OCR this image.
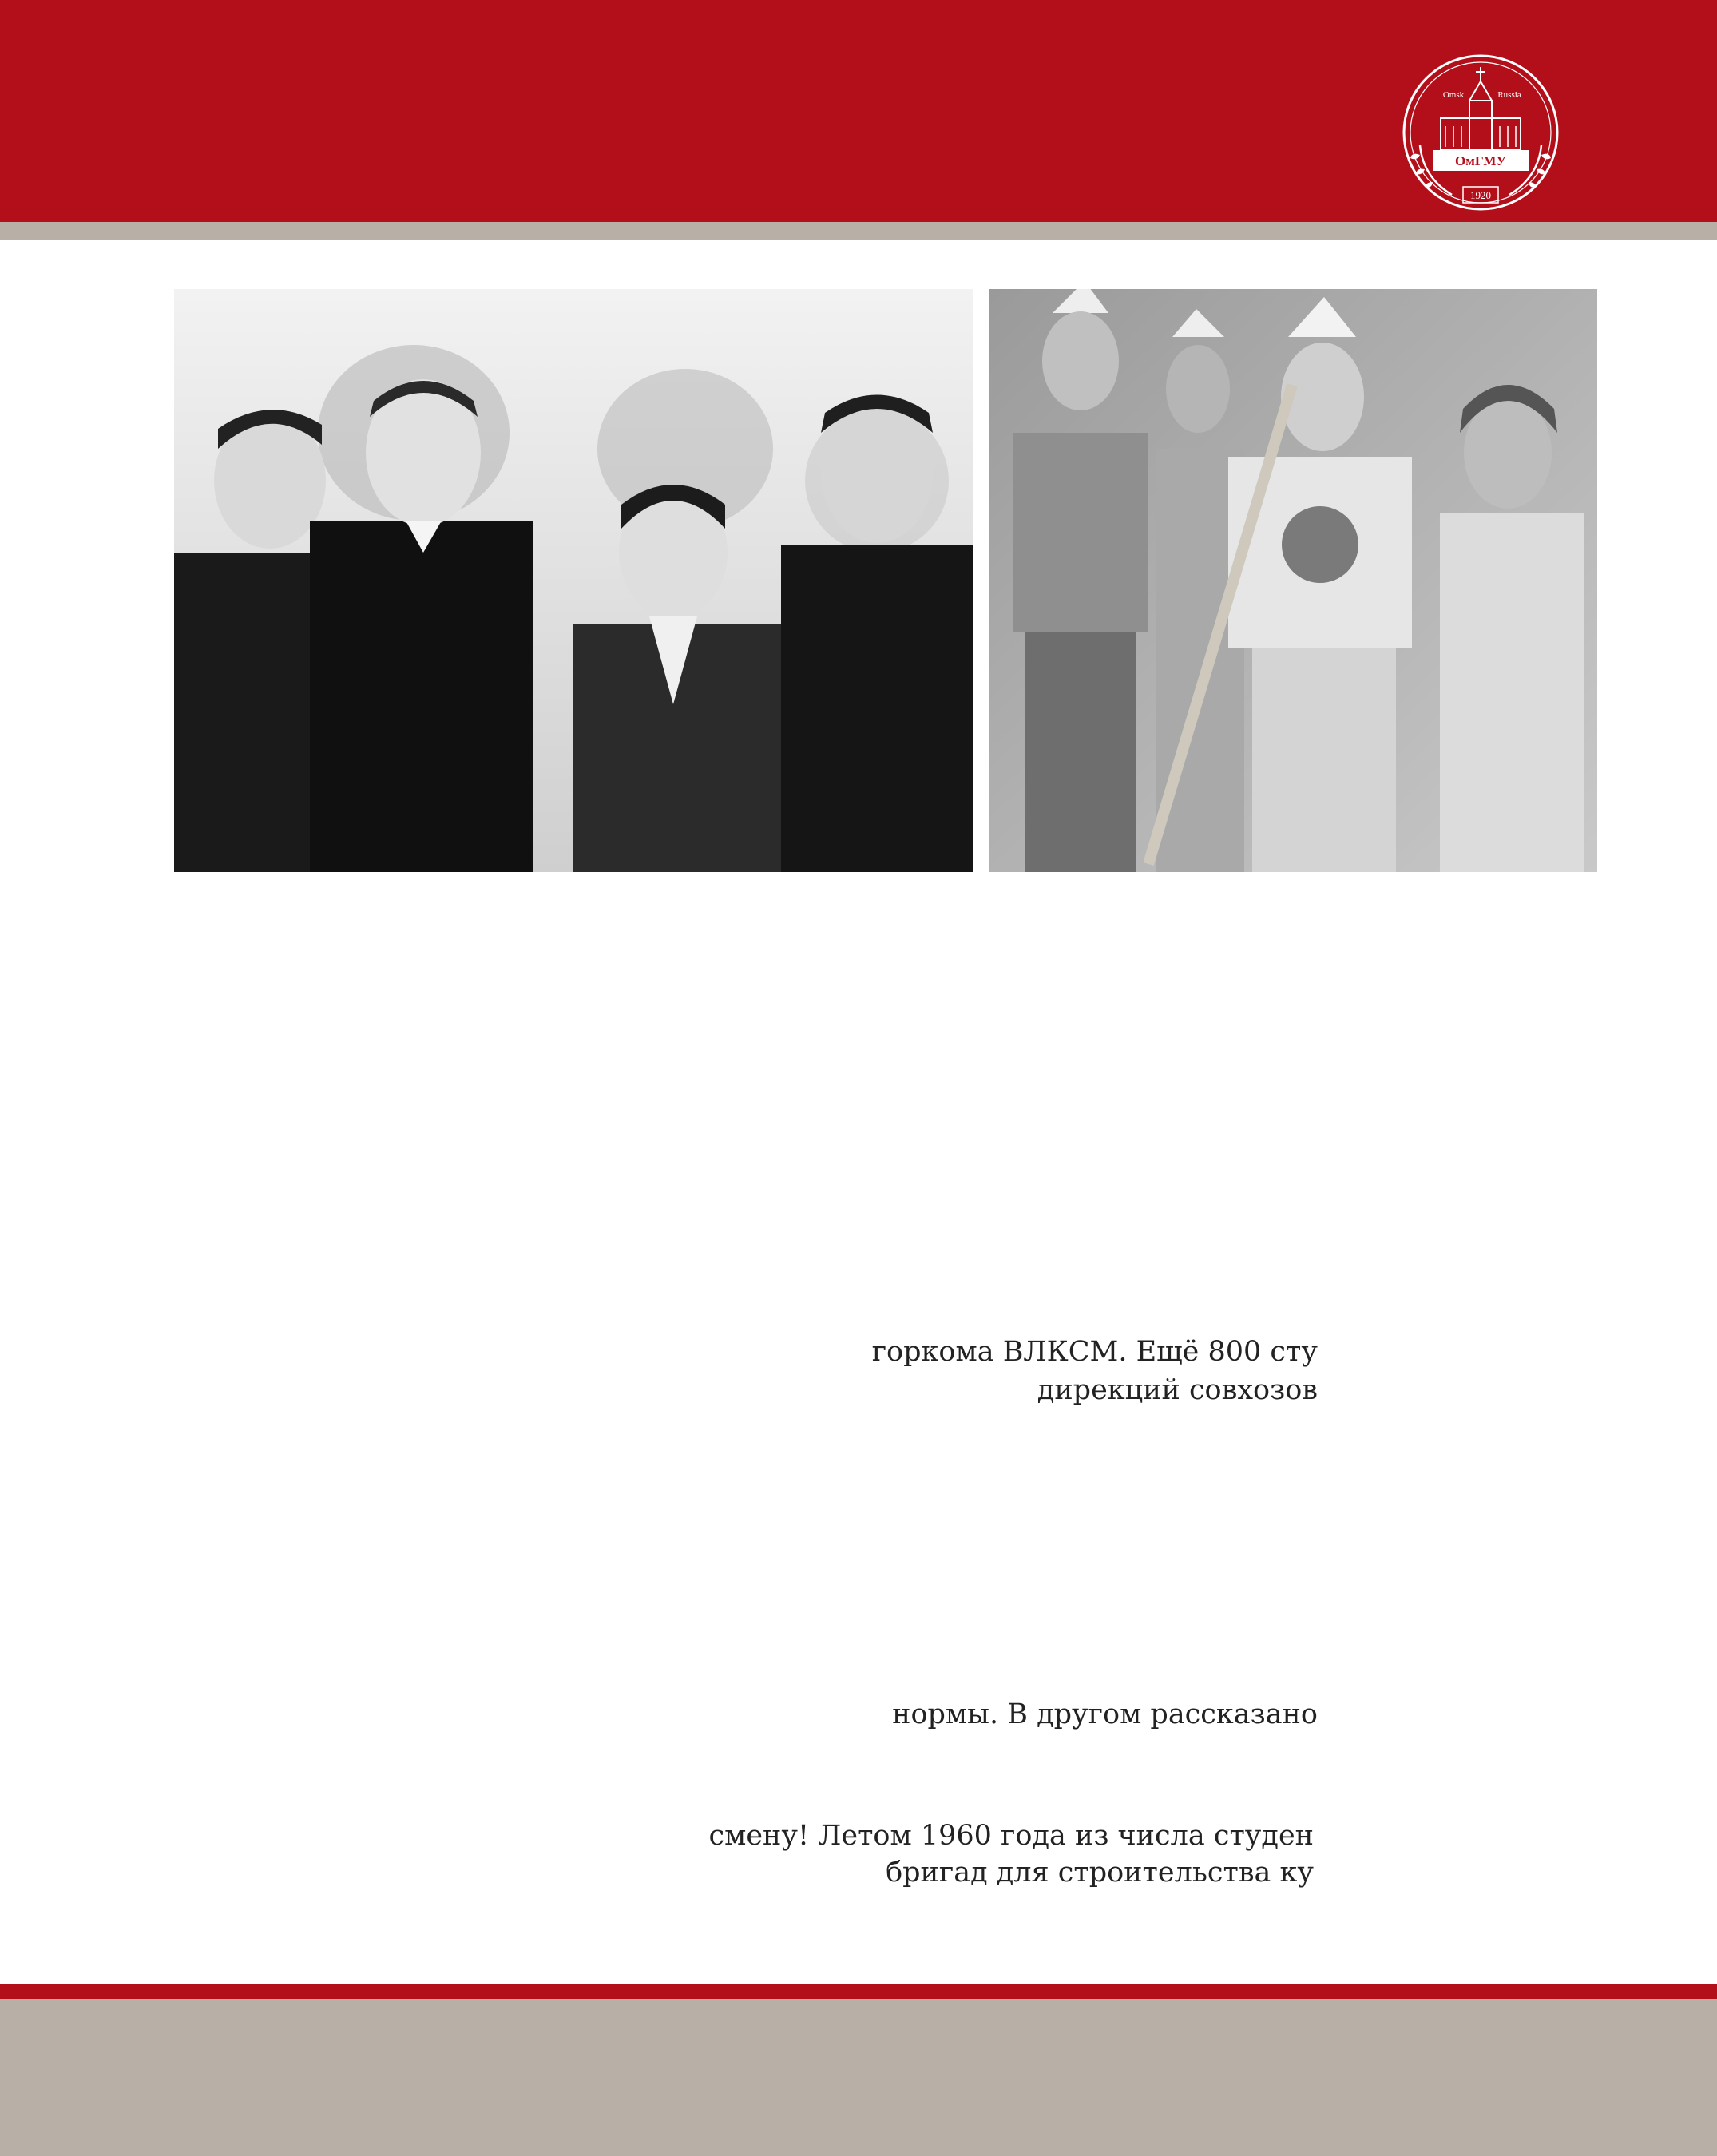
Omsk	Russia
ОмГМУ
1920
горкома ВЛКСМ. Ещё 800 сту
дирекций совхозов
нормы. В другом рассказано
смену! Летом 1960 года из числа студен
бригад для строительства ку
